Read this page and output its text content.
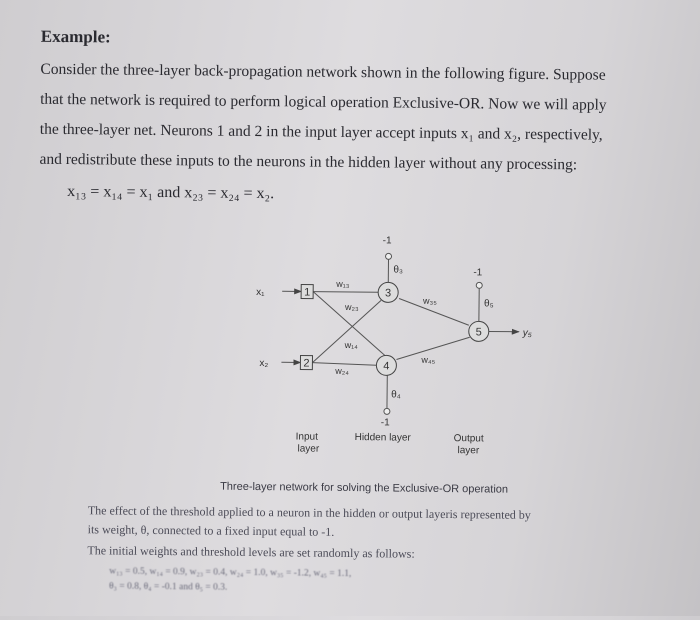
Example:

Consider the three-layer back-propagation network shown in the following figure. Suppose
that the network is required to perform logical operation Exclusive-OR. Now we will apply
the three-layer net. Neurons 1 and 2 in the input layer accept inputs x₁ and x₂, respectively,
and redistribute these inputs to the neurons in the hidden layer without any processing:

x₁₃ = x₁₄ = x₁ and x₂₃ = x₂₄ = x₂.

1
2
3
4
5
x₁
x₂
y₅
w₁₃
w₂₃
w₁₄
w₂₄
w₃₅
w₄₅
θ₃
θ₄
θ₅
-1
-1
-1
Input
layer
Hidden layer	Output
layer

Three-layer network for solving the Exclusive-OR operation

The effect of the threshold applied to a neuron in the hidden or output layeris represented by

its weight, θ, connected to a fixed input equal to -1.

The initial weights and threshold levels are set randomly as follows:

w₁₃ = 0.5, w₁₄ = 0.9, w₂₃ = 0.4, w₂₄ = 1.0, w₃₅ = -1.2, w₄₅ = 1.1,

θ₃ = 0.8, θ₄ = -0.1 and θ₅ = 0.3.
